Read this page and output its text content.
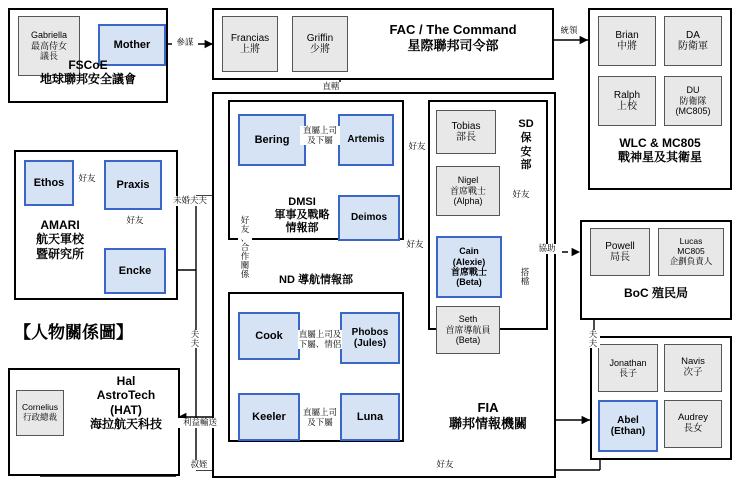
Gabriella
最高侍女
議長
Mother
FSCoE
地球聯邦安全議會
Francias
上將
Griffin
少將
FAC / The Command
星際聯邦司令部
Brian
中將
DA
防衛軍
Ralph
上校
DU
防衛隊
(MC805)
WLC & MC805
戰神星及其衛星
Ethos	Praxis
Encke
AMARI
航天軍校
暨研究所
【人物關係圖】
Cornelius
行政總裁
Hal
AstroTech
(HAT)
海拉航天科技
Bering	Artemis
Deimos
DMSI
軍事及戰略
情報部
Cook	Phobos
(Jules)
Keeler	Luna
ND 導航情報部
Tobias
部長
Nigel
首席戰士
(Alpha)
Cain
(Alexie)
首席戰士
(Beta)
Seth
首席導航員
(Beta)
SD
保
安
部
FIA
聯邦情報機關
Powell
局長
Lucas
MC805
企劃負責人
BoC 殖民局
Jonathan
長子
Navis
次子
Abel
(Ethan)
Audrey
長女
參謀
直轄
統領
直屬上司
及下屬
好友
好友
好友
好友
好友
未婚夫夫
好
友
、
合
作
關
係
夫
夫
夫
夫
直屬上司及
下屬、情侶
直屬上司
及下屬
利益輸送
叔姪	好友
協助
搭
檔
